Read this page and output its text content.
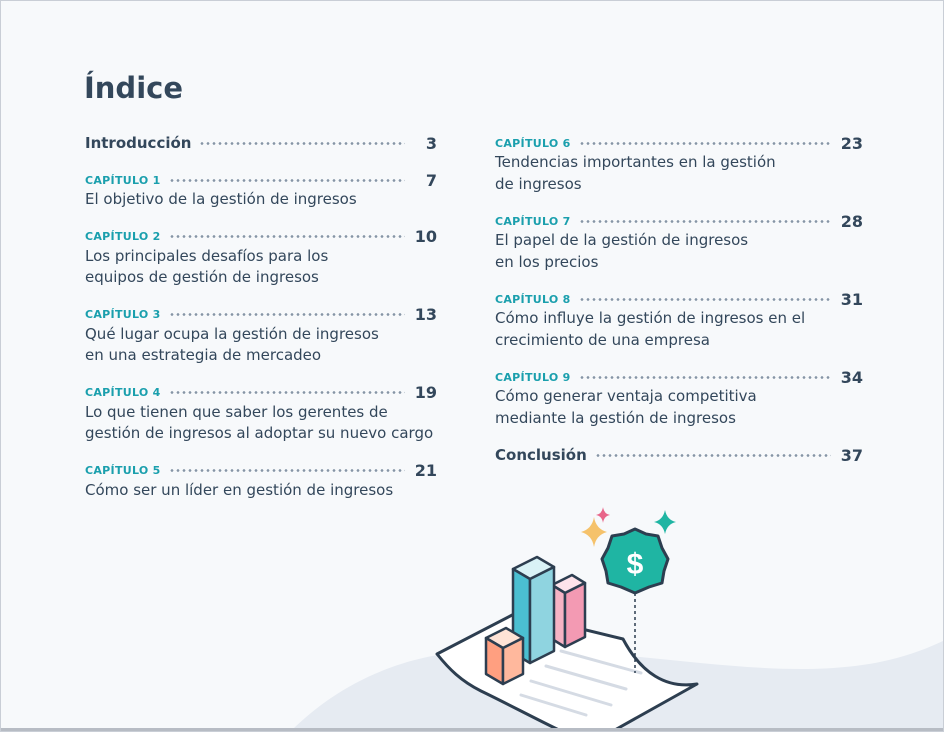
Índice
Introducción	3
CAPÍTULO 1	7
El objetivo de la gestión de ingresos
CAPÍTULO 2	10
Los principales desafíos para los
equipos de gestión de ingresos
CAPÍTULO 3	13
Qué lugar ocupa la gestión de ingresos
en una estrategia de mercadeo
CAPÍTULO 4	19
Lo que tienen que saber los gerentes de
gestión de ingresos al adoptar su nuevo cargo
CAPÍTULO 5	21
Cómo ser un líder en gestión de ingresos
CAPÍTULO 6	23
Tendencias importantes en la gestión
de ingresos
CAPÍTULO 7	28
El papel de la gestión de ingresos
en los precios
CAPÍTULO 8	31
Cómo influye la gestión de ingresos en el
crecimiento de una empresa
CAPÍTULO 9	34
Cómo generar ventaja competitiva
mediante la gestión de ingresos
Conclusión	37
$
